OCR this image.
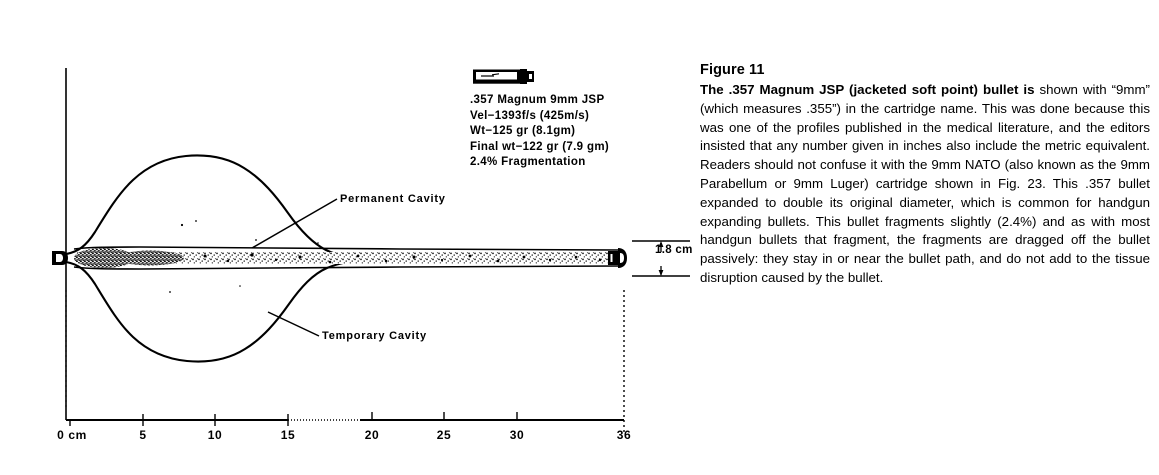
.357 Magnum 9mm JSP
Vel−1393f/s (425m/s)
Wt−125 gr (8.1gm)
Final wt−122 gr (7.9 gm)
2.4% Fragmentation
Permanent Cavity
Temporary Cavity
1.8 cm
0 cm	5	10	15	20	25	30	36
Figure 11

The .357 Magnum JSP (jacketed soft point) bullet is shown with “9mm” (which measures .355”) in the cartridge name. This was done because this was one of the profiles published in the medical literature, and the editors insisted that any number given in inches also include the metric equivalent. Readers should not confuse it with the 9mm NATO (also known as the 9mm Parabellum or 9mm Luger) cartridge shown in Fig. 23. This .357 bullet expanded to double its original diameter, which is common for handgun expanding bullets. This bullet fragments slightly (2.4%) and as with most handgun bullets that fragment, the fragments are dragged off the bullet passively: they stay in or near the bullet path, and do not add to the tissue disruption caused by the bullet.
